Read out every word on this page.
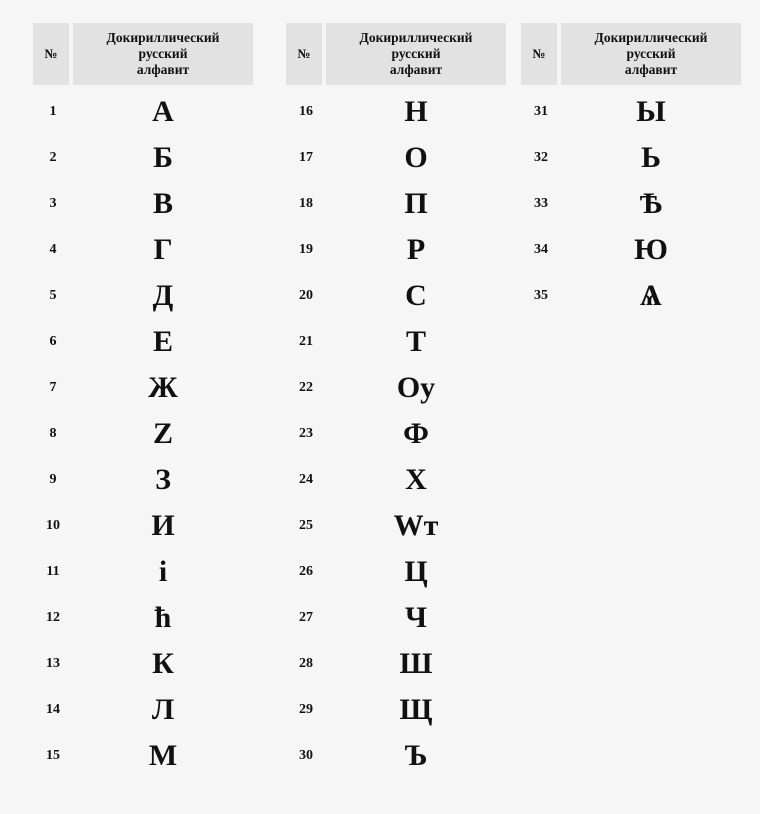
№
Докириллический
русский
алфавит
1	А
2	Б
3	В
4	Г
5	Д
6	Е
7	Ж
8	Ζ
9	З
10	И
11	і
12	ћ
13	К
14	Л
15	М
№
Докириллический
русский
алфавит
16	Н
17	О
18	П
19	Р
20	С
21	Т
22	Оу
23	Ф
24	Х
25	Wт
26	Ц
27	Ч
28	Ш
29	Щ
30	Ъ
№
Докириллический
русский
алфавит
31	Ы
32	Ь
33	Ѣ
34	Ю
35	Ѧ
